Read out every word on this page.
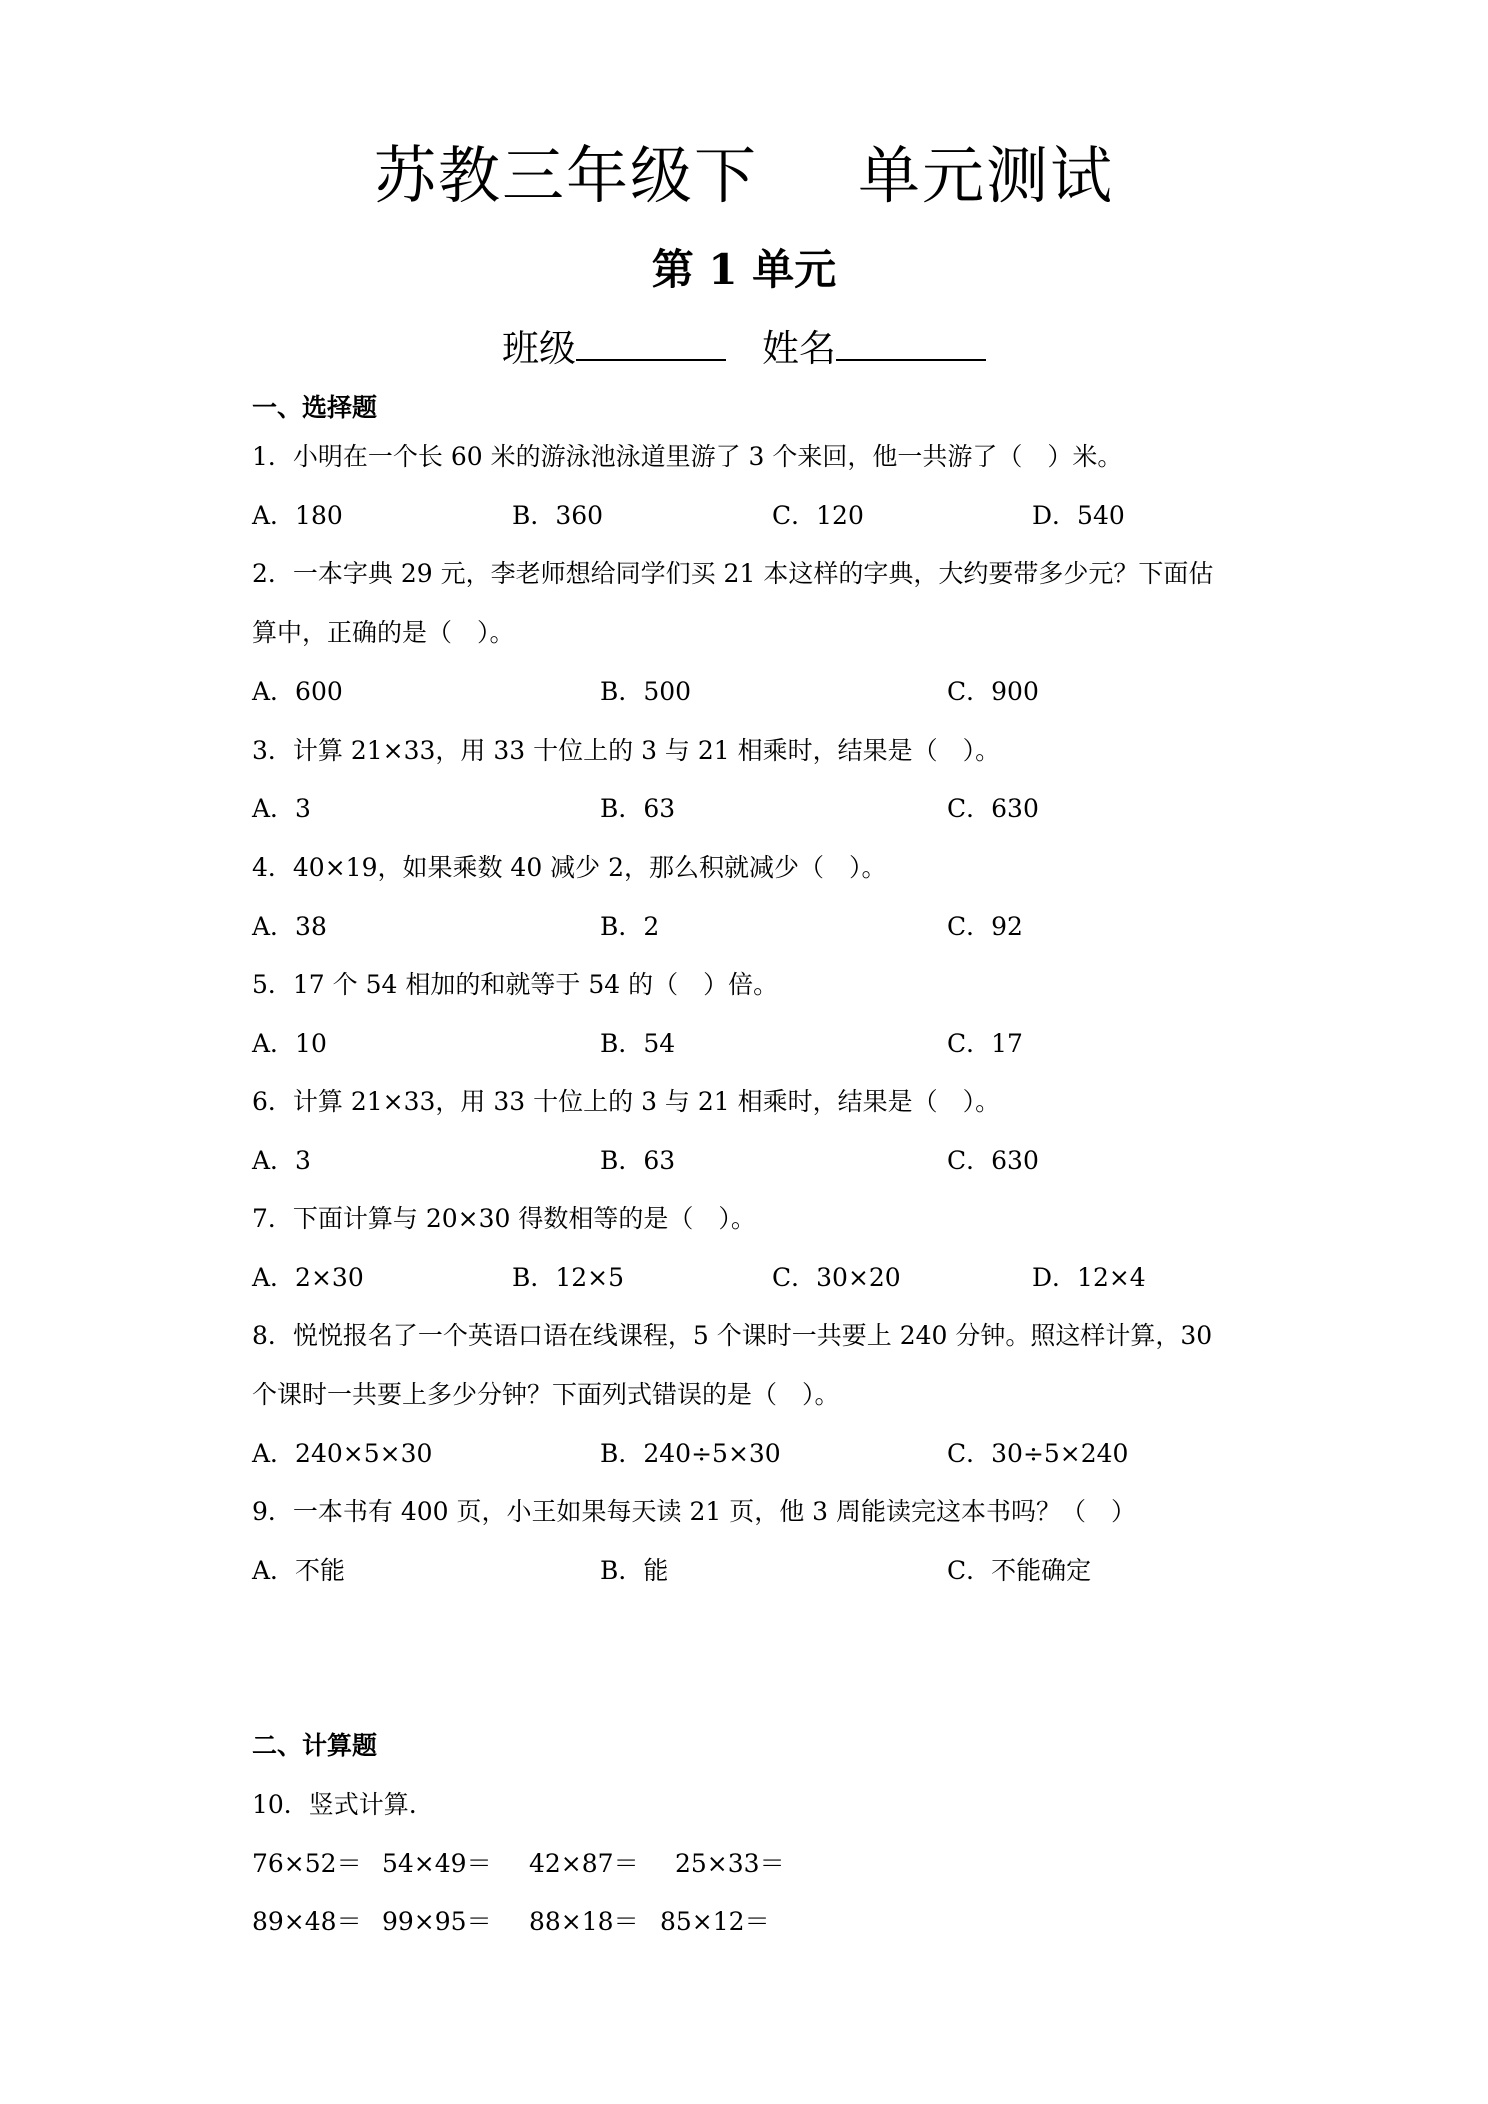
苏教三年级下 单元测试
第 1 单元
班级	姓名
一、选择题
1．小明在一个长 60 米的游泳池泳道里游了 3 个来回，他一共游了（　）米。
A．180	B．360	C．120	D．540
2．一本字典 29 元，李老师想给同学们买 21 本这样的字典，大约要带多少元？下面估
算中，正确的是（　）。
A．600	B．500	C．900
3．计算 21×33，用 33 十位上的 3 与 21 相乘时，结果是（　）。
A．3	B．63	C．630
4．40×19，如果乘数 40 减少 2，那么积就减少（　）。
A．38	B．2	C．92
5．17 个 54 相加的和就等于 54 的（　）倍。
A．10	B．54	C．17
6．计算 21×33，用 33 十位上的 3 与 21 相乘时，结果是（　）。
A．3	B．63	C．630
7．下面计算与 20×30 得数相等的是（　）。
A．2×30	B．12×5	C．30×20	D．12×4
8．悦悦报名了一个英语口语在线课程，5 个课时一共要上 240 分钟。照这样计算，30
个课时一共要上多少分钟？下面列式错误的是（　）。
A．240×5×30	B．240÷5×30	C．30÷5×240
9．一本书有 400 页，小王如果每天读 21 页，他 3 周能读完这本书吗？（　）
A．不能	B．能	C．不能确定
二、计算题
10．竖式计算.
76×52＝ 54×49＝ 42×87＝ 25×33＝
89×48＝ 99×95＝ 88×18＝ 85×12＝
